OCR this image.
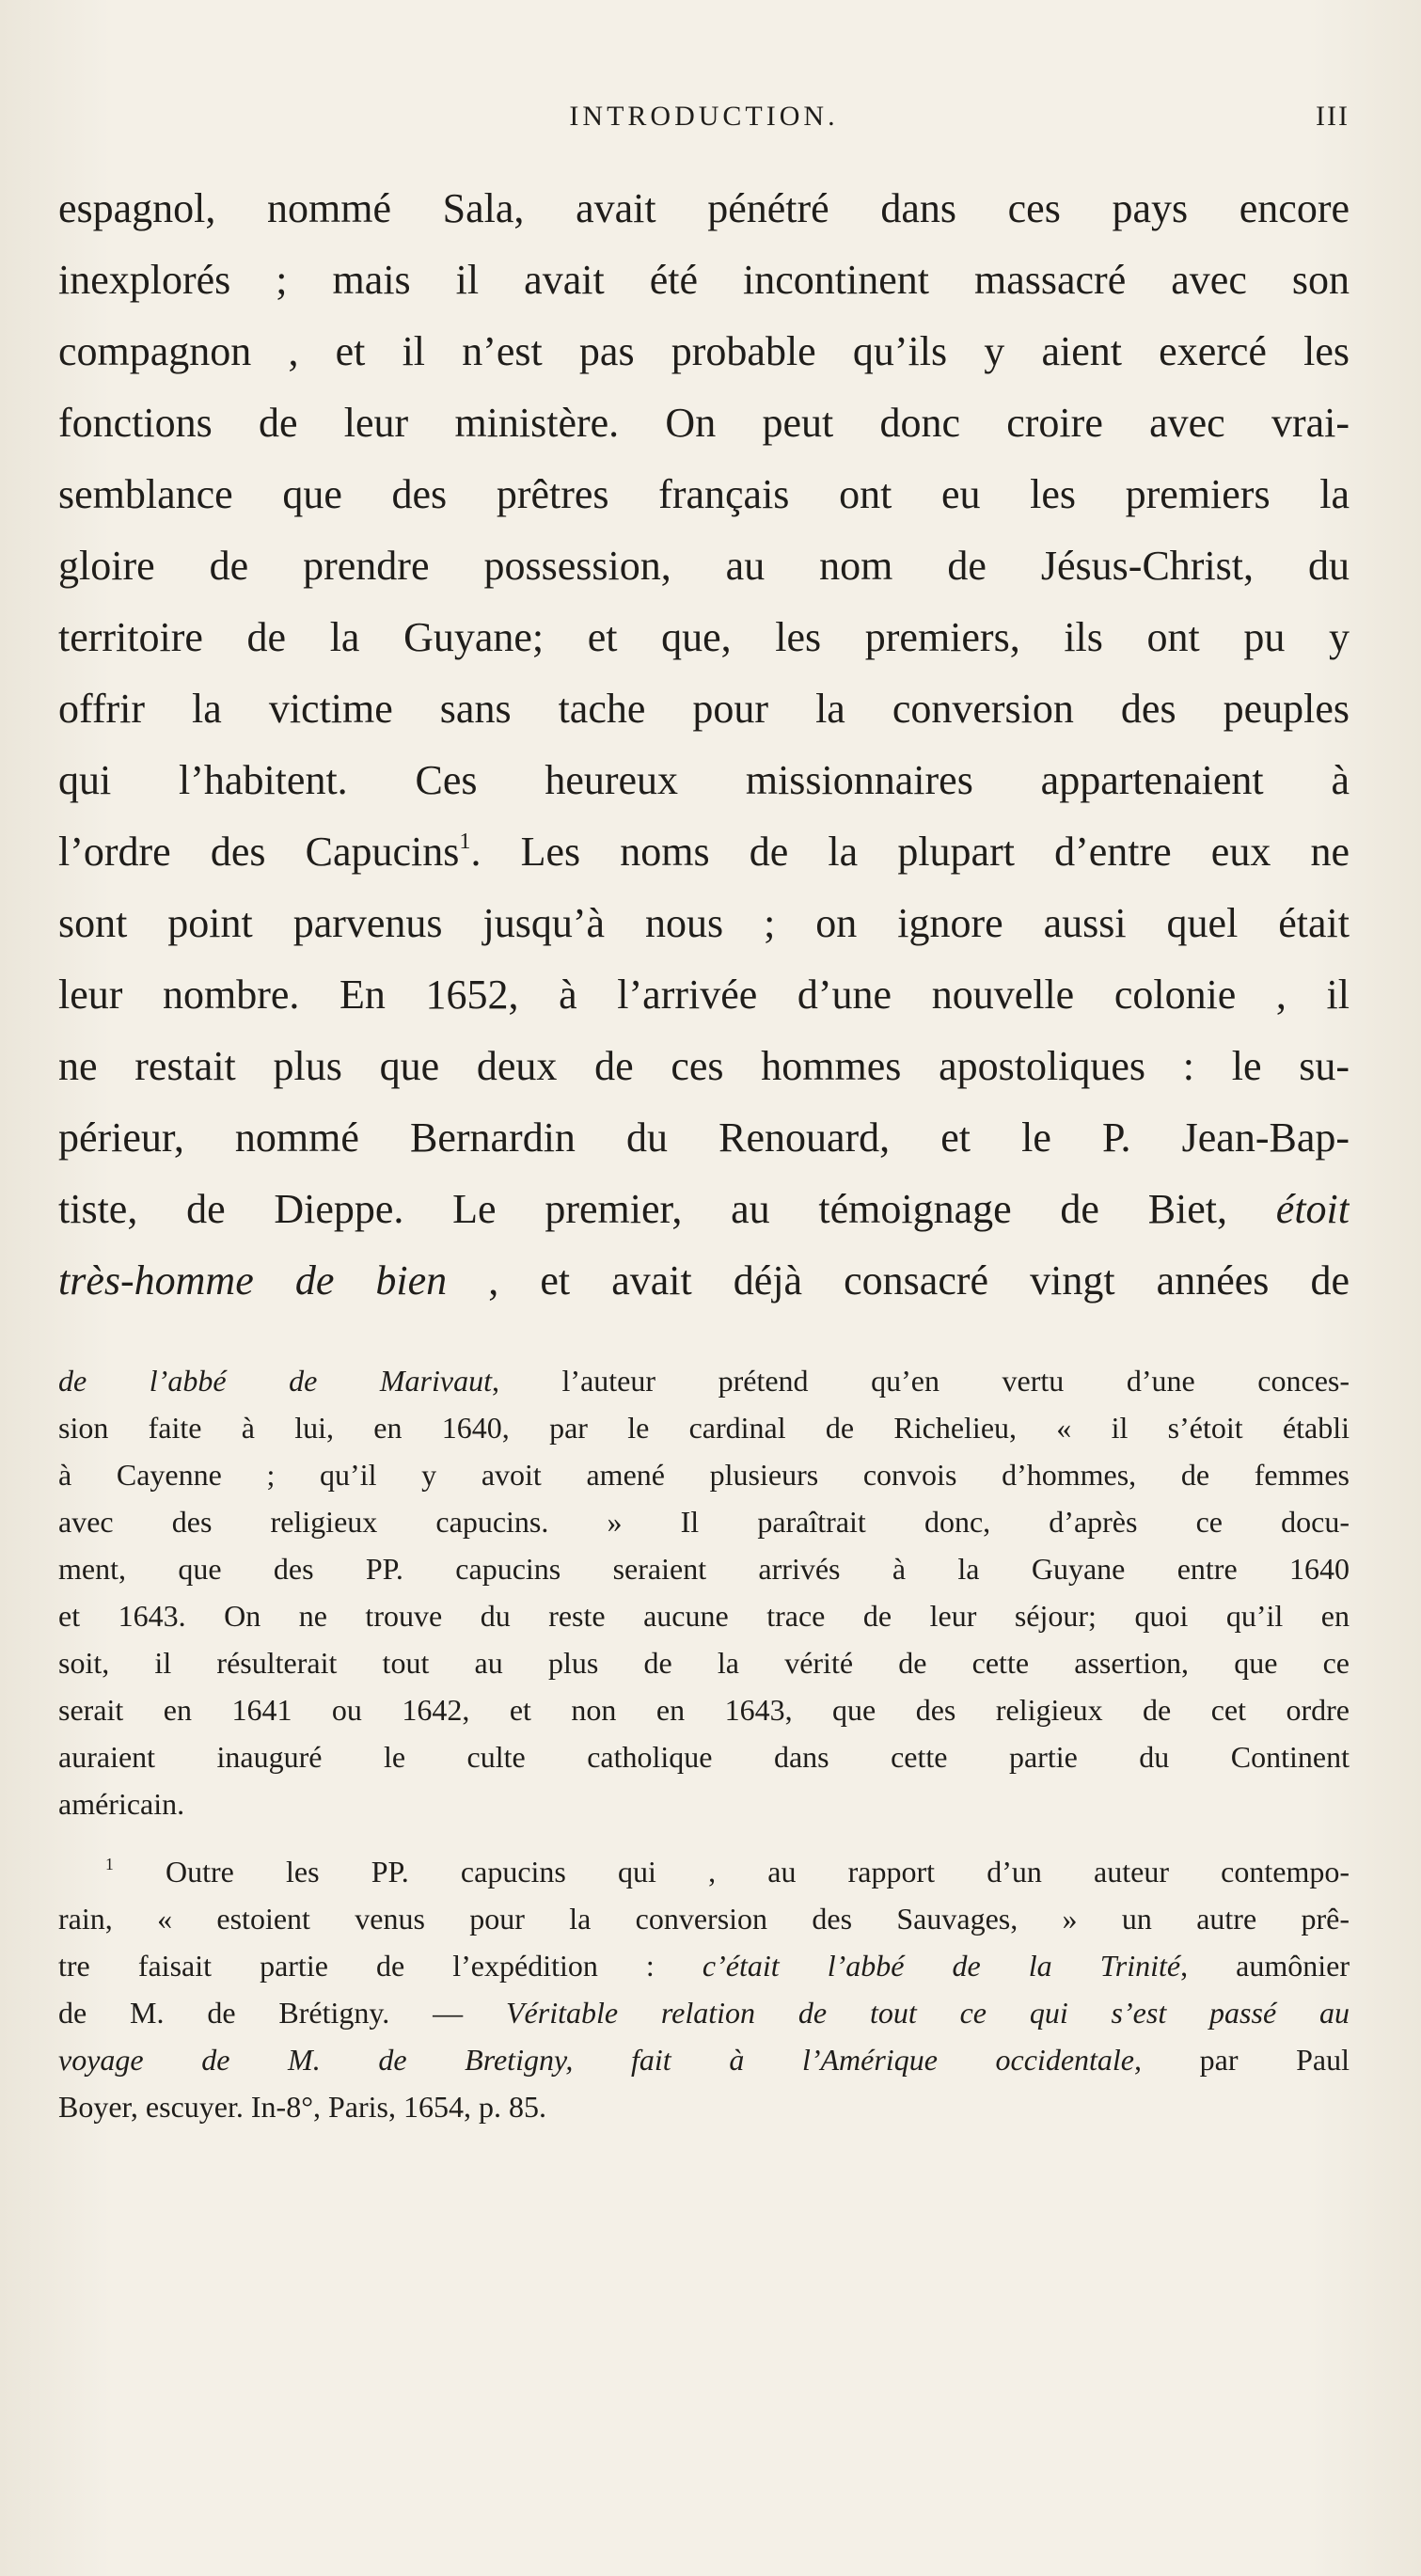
INTRODUCTION.	III
espagnol, nommé Sala, avait pénétré dans ces pays encore
inexplorés ; mais il avait été incontinent massacré avec son
compagnon , et il n’est pas probable qu’ils y aient exercé les
fonctions de leur ministère. On peut donc croire avec vrai-
semblance que des prêtres français ont eu les premiers la
gloire de prendre possession, au nom de Jésus-Christ, du
territoire de la Guyane; et que, les premiers, ils ont pu y
offrir la victime sans tache pour la conversion des peuples
qui l’habitent. Ces heureux missionnaires appartenaient à
l’ordre des Capucins$^1$. Les noms de la plupart d’entre eux ne
sont point parvenus jusqu’à nous ; on ignore aussi quel était
leur nombre. En 1652, à l’arrivée d’une nouvelle colonie , il
ne restait plus que deux de ces hommes apostoliques : le su-
périeur, nommé Bernardin du Renouard, et le P. Jean-Bap-
tiste, de Dieppe. Le premier, au témoignage de Biet, étoit
très-homme de bien , et avait déjà consacré vingt années de
de l’abbé de Marivaut, l’auteur prétend qu’en vertu d’une conces-
sion faite à lui, en 1640, par le cardinal de Richelieu, « il s’étoit établi
à Cayenne ; qu’il y avoit amené plusieurs convois d’hommes, de femmes
avec des religieux capucins. » Il paraîtrait donc, d’après ce docu-
ment, que des PP. capucins seraient arrivés à la Guyane entre 1640
et 1643. On ne trouve du reste aucune trace de leur séjour; quoi qu’il en
soit, il résulterait tout au plus de la vérité de cette assertion, que ce
serait en 1641 ou 1642, et non en 1643, que des religieux de cet ordre
auraient inauguré le culte catholique dans cette partie du Continent
américain.
$^1$ Outre les PP. capucins qui , au rapport d’un auteur contempo-
rain, « estoient venus pour la conversion des Sauvages, » un autre prê-
tre faisait partie de l’expédition : c’était l’abbé de la Trinité, aumônier
de M. de Brétigny. — Véritable relation de tout ce qui s’est passé au
voyage de M. de Bretigny, fait à l’Amérique occidentale, par Paul
Boyer, escuyer. In-8°, Paris, 1654, p. 85.
